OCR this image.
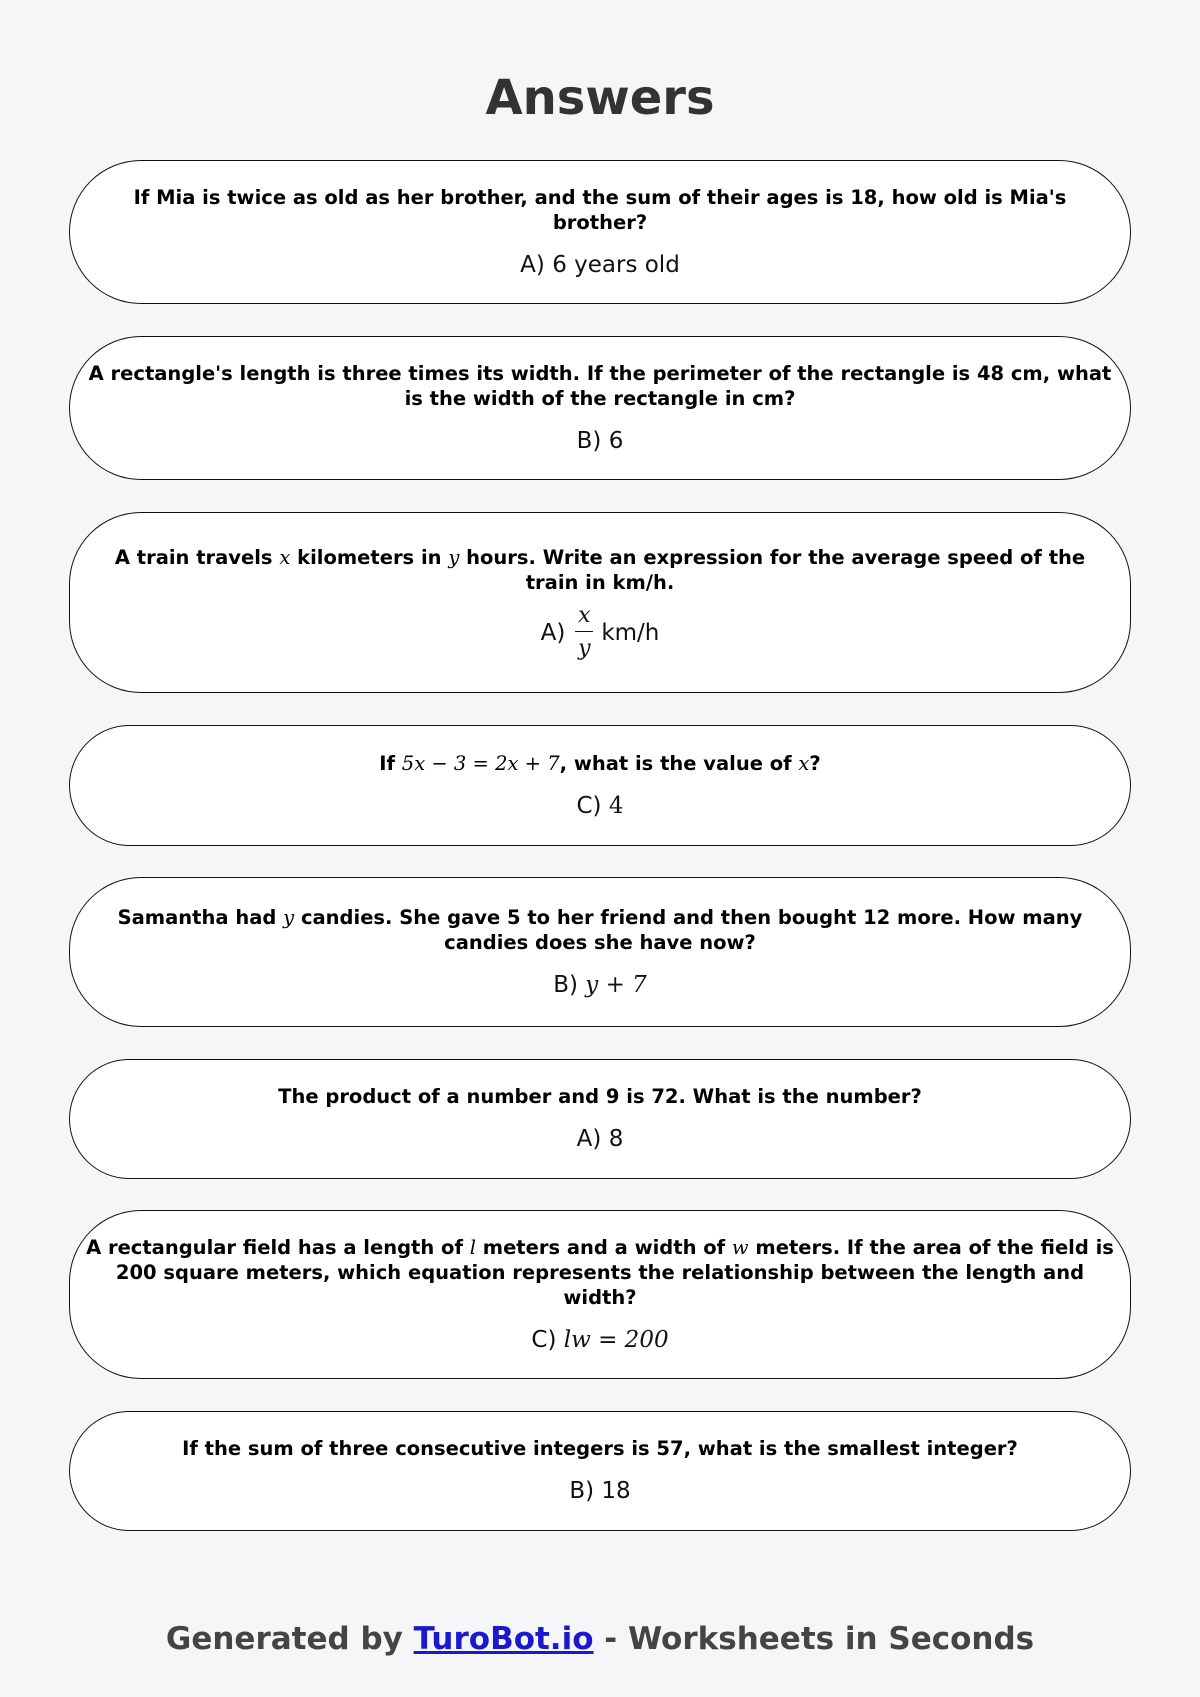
Answers
If Mia is twice as old as her brother, and the sum of their ages is 18, how old is Mia's brother?
A) 6 years old
A rectangle's length is three times its width. If the perimeter of the rectangle is 48 cm, what is the width of the rectangle in cm?
B) 6
A train travels x kilometers in y hours. Write an expression for the average speed of the train in km/h.
$A) \frac{x}{y} km/h$
If 5x − 3 = 2x + 7, what is the value of x?
C)
4
Samantha had y candies. She gave 5 to her friend and then bought 12 more. How many candies does she have now?
B)
y + 7
The product of a number and 9 is 72. What is the number?
A) 8
A rectangular field has a length of l meters and a width of w meters. If the area of the field is 200 square meters, which equation represents the relationship between the length and width?
C)
lw = 200
If the sum of three consecutive integers is 57, what is the smallest integer?
B) 18
Generated by TuroBot.io - Worksheets in Seconds
